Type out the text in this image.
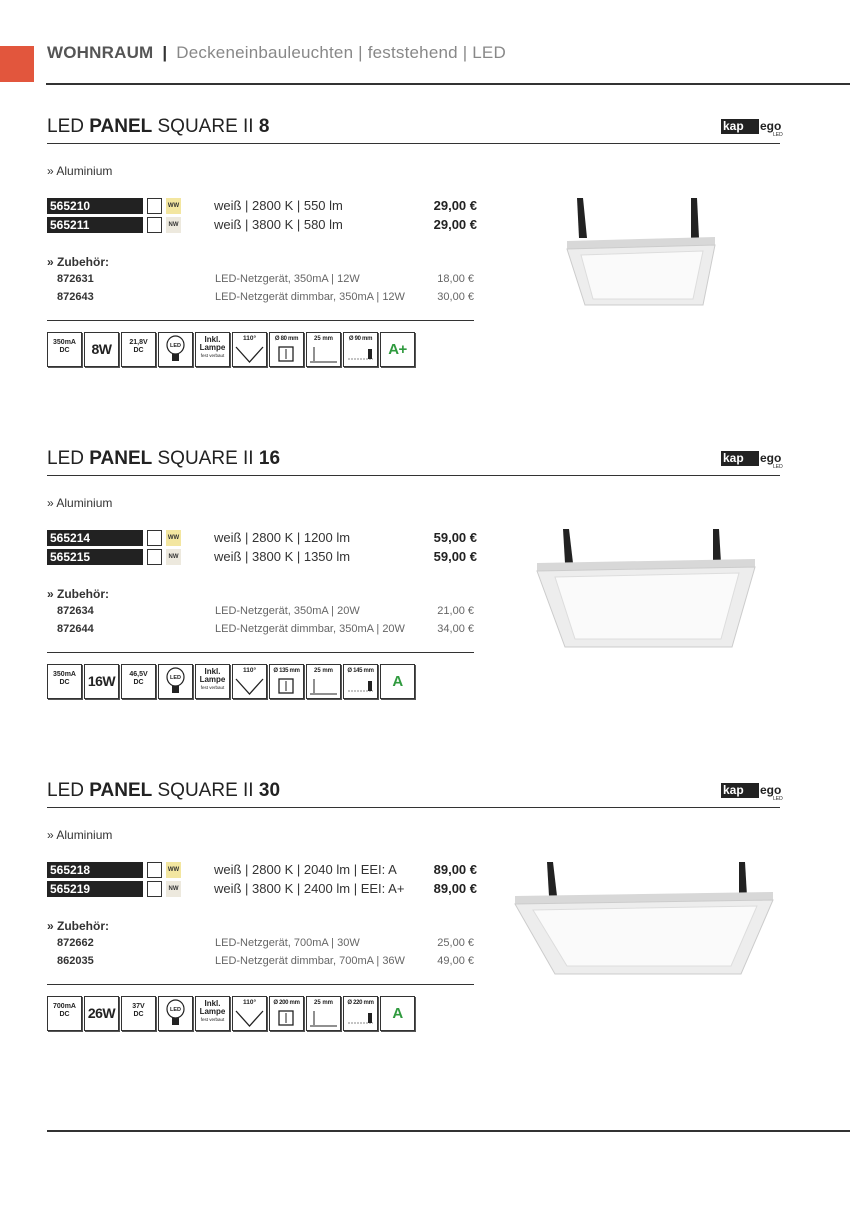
WOHNRAUM | Deckeneinbauleuchten | feststehend | LED
LED PANEL SQUARE II 8	kap	ego
LED
» Aluminium
565210	WW	weiß | 2800 K | 550 lm	29,00 €
565211	NW	weiß | 3800 K | 580 lm	29,00 €
» Zubehör:
872631	LED-Netzgerät, 350mA | 12W	18,00 €
872643	LED-Netzgerät dimmbar, 350mA | 12W	30,00 €
350mA
DC	8W	21,8V
DC
LED
Inkl.
Lampe
fest verbaut
110°	Ø 80 mm	25 mm	Ø 90 mm
A+
LED PANEL SQUARE II 16	kap	ego
LED
» Aluminium
565214	WW	weiß | 2800 K | 1200 lm	59,00 €
565215	NW	weiß | 3800 K | 1350 lm	59,00 €
» Zubehör:
872634	LED-Netzgerät, 350mA | 20W	21,00 €
872644	LED-Netzgerät dimmbar, 350mA | 20W	34,00 €
350mA
DC	16W	46,5V
DC
LED
Inkl.
Lampe
fest verbaut
110°	Ø 135 mm	25 mm	Ø 145 mm
A
LED PANEL SQUARE II 30	kap	ego
LED
» Aluminium
565218	WW	weiß | 2800 K | 2040 lm | EEI: A	89,00 €
565219	NW	weiß | 3800 K | 2400 lm | EEI: A+ 89,00 €
» Zubehör:
872662	LED-Netzgerät, 700mA | 30W	25,00 €
862035	LED-Netzgerät dimmbar, 700mA | 36W	49,00 €
700mA
DC	26W	37V
DC
LED
Inkl.
Lampe
fest verbaut
110°	Ø 200 mm	25 mm	Ø 220 mm
A
